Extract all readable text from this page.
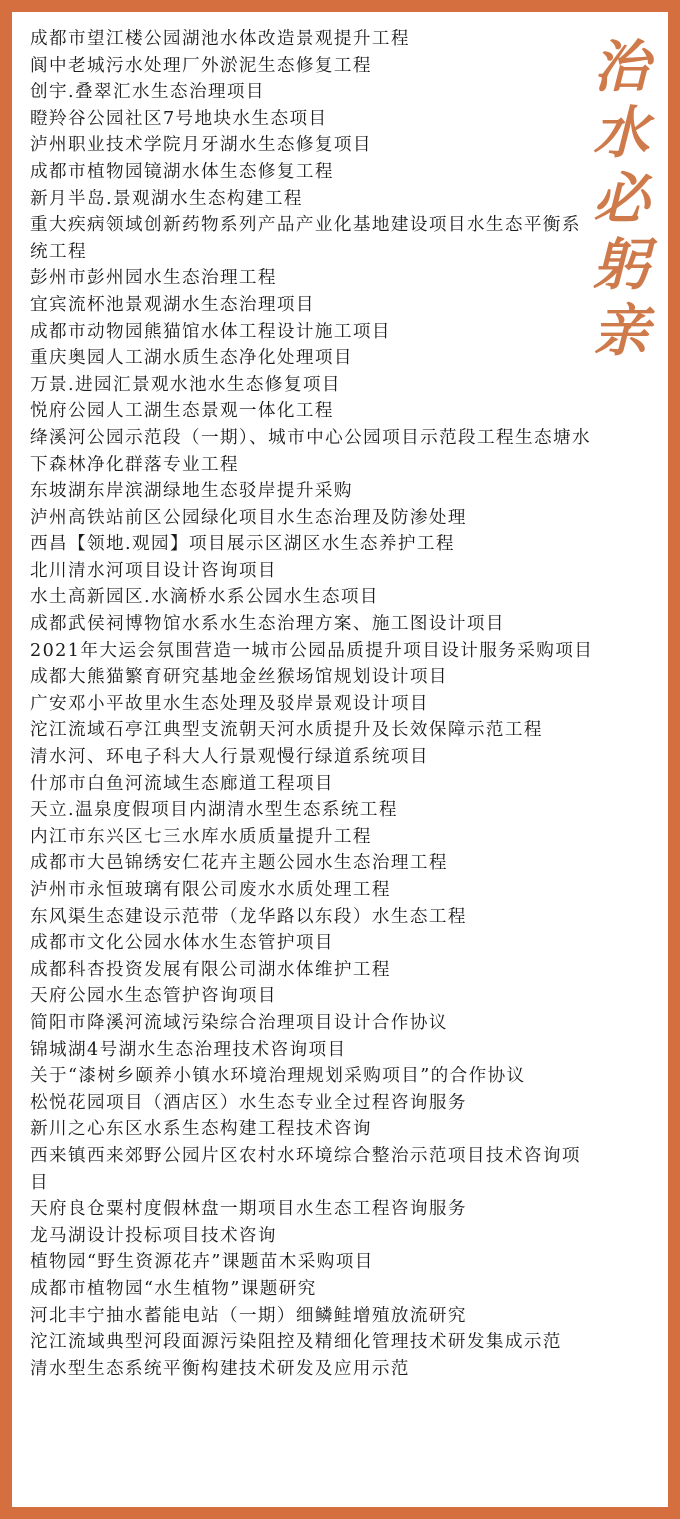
成都市望江楼公园湖池水体改造景观提升工程
阆中老城污水处理厂外淤泥生态修复工程
创宇.叠翠汇水生态治理项目
瞪羚谷公园社区7号地块水生态项目
泸州职业技术学院月牙湖水生态修复项目
成都市植物园镜湖水体生态修复工程
新月半岛.景观湖水生态构建工程
重大疾病领域创新药物系列产品产业化基地建设项目水生态平衡系统工程
彭州市彭州园水生态治理工程
宜宾流杯池景观湖水生态治理项目
成都市动物园熊猫馆水体工程设计施工项目
重庆奥园人工湖水质生态净化处理项目
万景.进园汇景观水池水生态修复项目
悦府公园人工湖生态景观一体化工程
绛溪河公园示范段（一期）、城市中心公园项目示范段工程生态塘水下森林净化群落专业工程
东坡湖东岸滨湖绿地生态驳岸提升采购
泸州高铁站前区公园绿化项目水生态治理及防渗处理
西昌【领地.观园】项目展示区湖区水生态养护工程
北川清水河项目设计咨询项目
水土高新园区.水滴桥水系公园水生态项目
成都武侯祠博物馆水系水生态治理方案、施工图设计项目
2021年大运会氛围营造一城市公园品质提升项目设计服务采购项目
成都大熊猫繁育研究基地金丝猴场馆规划设计项目
广安邓小平故里水生态处理及驳岸景观设计项目
沱江流域石亭江典型支流朝天河水质提升及长效保障示范工程
清水河、环电子科大人行景观慢行绿道系统项目
什邡市白鱼河流域生态廊道工程项目
天立.温泉度假项目内湖清水型生态系统工程
内江市东兴区七三水库水质质量提升工程
成都市大邑锦绣安仁花卉主题公园水生态治理工程
泸州市永恒玻璃有限公司废水水质处理工程
东风渠生态建设示范带（龙华路以东段）水生态工程
成都市文化公园水体水生态管护项目
成都科杏投资发展有限公司湖水体维护工程
天府公园水生态管护咨询项目
简阳市降溪河流域污染综合治理项目设计合作协议
锦城湖4号湖水生态治理技术咨询项目
关于“漆树乡颐养小镇水环境治理规划采购项目”的合作协议
松悦花园项目（酒店区）水生态专业全过程咨询服务
新川之心东区水系生态构建工程技术咨询
西来镇西来郊野公园片区农村水环境综合整治示范项目技术咨询项目
天府良仓粟村度假林盘一期项目水生态工程咨询服务
龙马湖设计投标项目技术咨询
植物园“野生资源花卉”课题苗木采购项目
成都市植物园“水生植物”课题研究
河北丰宁抽水蓄能电站（一期）细鳞鲑增殖放流研究
沱江流域典型河段面源污染阻控及精细化管理技术研发集成示范
清水型生态系统平衡构建技术研发及应用示范
治
水
必
躬
亲
